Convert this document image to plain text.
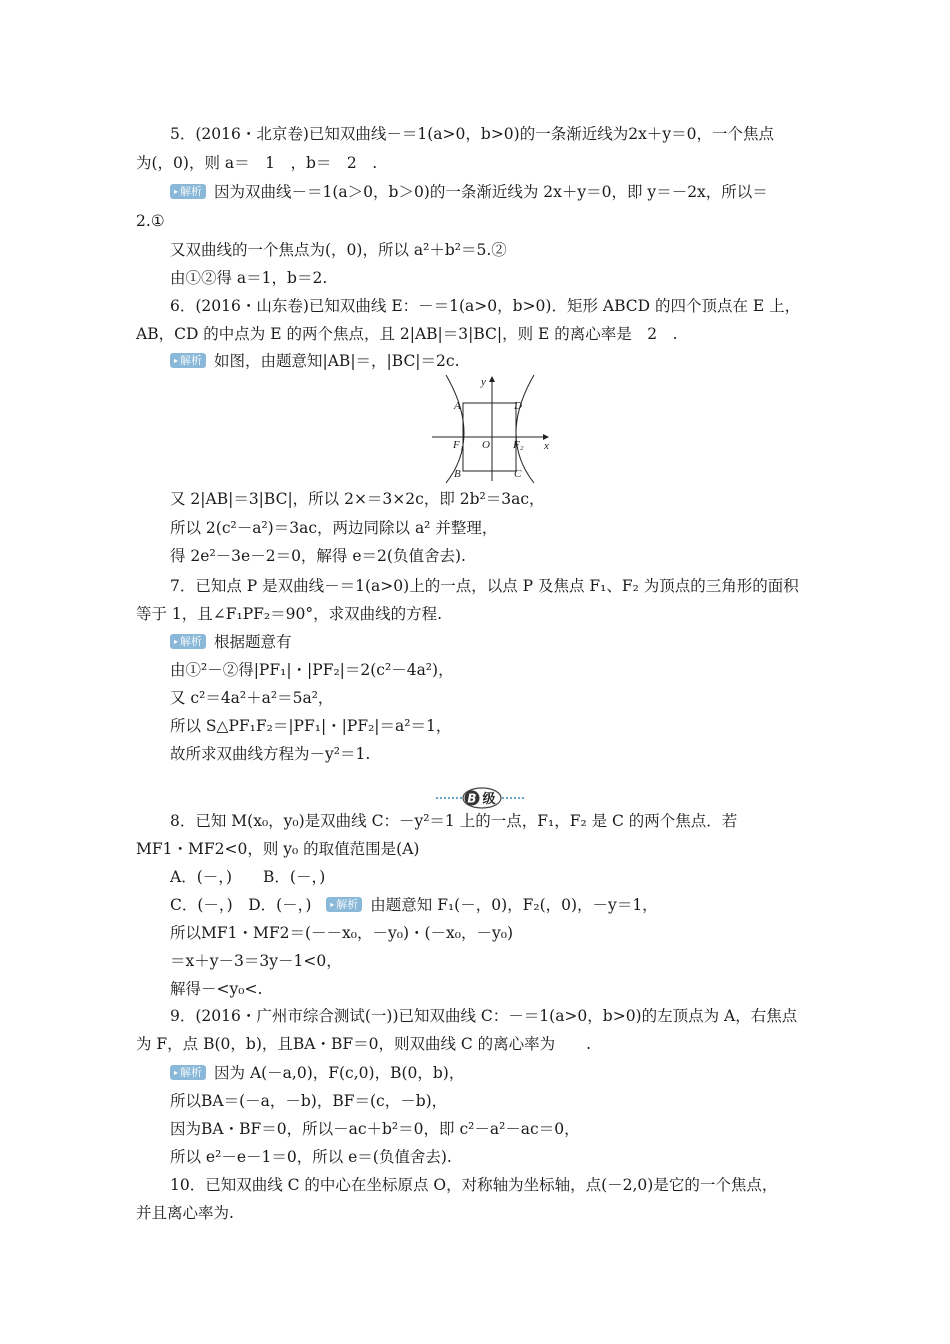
5．(2016・北京卷)已知双曲线－＝1(a>0，b>0)的一条渐近线为2x＋y＝0，一个焦点
为(，0)，则 a＝　1　，b＝　2　.
▸ 解析 因为双曲线－＝1(a＞0，b＞0)的一条渐近线为 2x＋y＝0，即 y＝－2x，所以＝
2.①
又双曲线的一个焦点为(，0)，所以 a²＋b²＝5.②
由①②得 a＝1，b＝2.
6．(2016・山东卷)已知双曲线 E：－＝1(a>0，b>0)．矩形 ABCD 的四个顶点在 E 上，
AB，CD 的中点为 E 的两个焦点，且 2|AB|＝3|BC|，则 E 的离心率是　2　.
▸ 解析 如图，由题意知|AB|＝，|BC|＝2c.
y
x
O
A
B	C
D
F₁	F₂
又 2|AB|＝3|BC|，所以 2×＝3×2c，即 2b²＝3ac，
所以 2(c²－a²)＝3ac，两边同除以 a² 并整理，
得 2e²－3e－2＝0，解得 e＝2(负值舍去).
7．已知点 P 是双曲线－＝1(a>0)上的一点，以点 P 及焦点 F₁、F₂ 为顶点的三角形的面积
等于 1，且∠F₁PF₂＝90°，求双曲线的方程.
▸ 解析 根据题意有
由①²－②得|PF₁|・|PF₂|＝2(c²－4a²)，
又 c²＝4a²＋a²＝5a²，
所以 S△PF₁F₂＝|PF₁|・|PF₂|＝a²＝1，
故所求双曲线方程为－y²＝1.
B 级
8．已知 M(x₀，y₀)是双曲线 C：－y²＝1 上的一点，F₁，F₂ 是 C 的两个焦点．若
MF1・MF2<0，则 y₀ 的取值范围是(A)
A．(－，)　　B．(－，)
C．(－，)　D．(－，)   ▸ 解析 由题意知 F₁(－，0)，F₂(，0)，－y＝1，
所以MF1・MF2＝(－－x₀，－y₀)・(－x₀，－y₀)
＝x＋y－3＝3y－1<0，
解得－<y₀<.
9．(2016・广州市综合测试(一))已知双曲线 C：－＝1(a>0，b>0)的左顶点为 A，右焦点
为 F，点 B(0，b)，且BA・BF＝0，则双曲线 C 的离心率为　　.
▸ 解析 因为 A(－a,0)，F(c,0)，B(0，b)，
所以BA＝(－a，－b)，BF＝(c，－b)，
因为BA・BF＝0，所以－ac＋b²＝0，即 c²－a²－ac＝0，
所以 e²－e－1＝0，所以 e＝(负值舍去).
10．已知双曲线 C 的中心在坐标原点 O，对称轴为坐标轴，点(－2,0)是它的一个焦点，
并且离心率为.
